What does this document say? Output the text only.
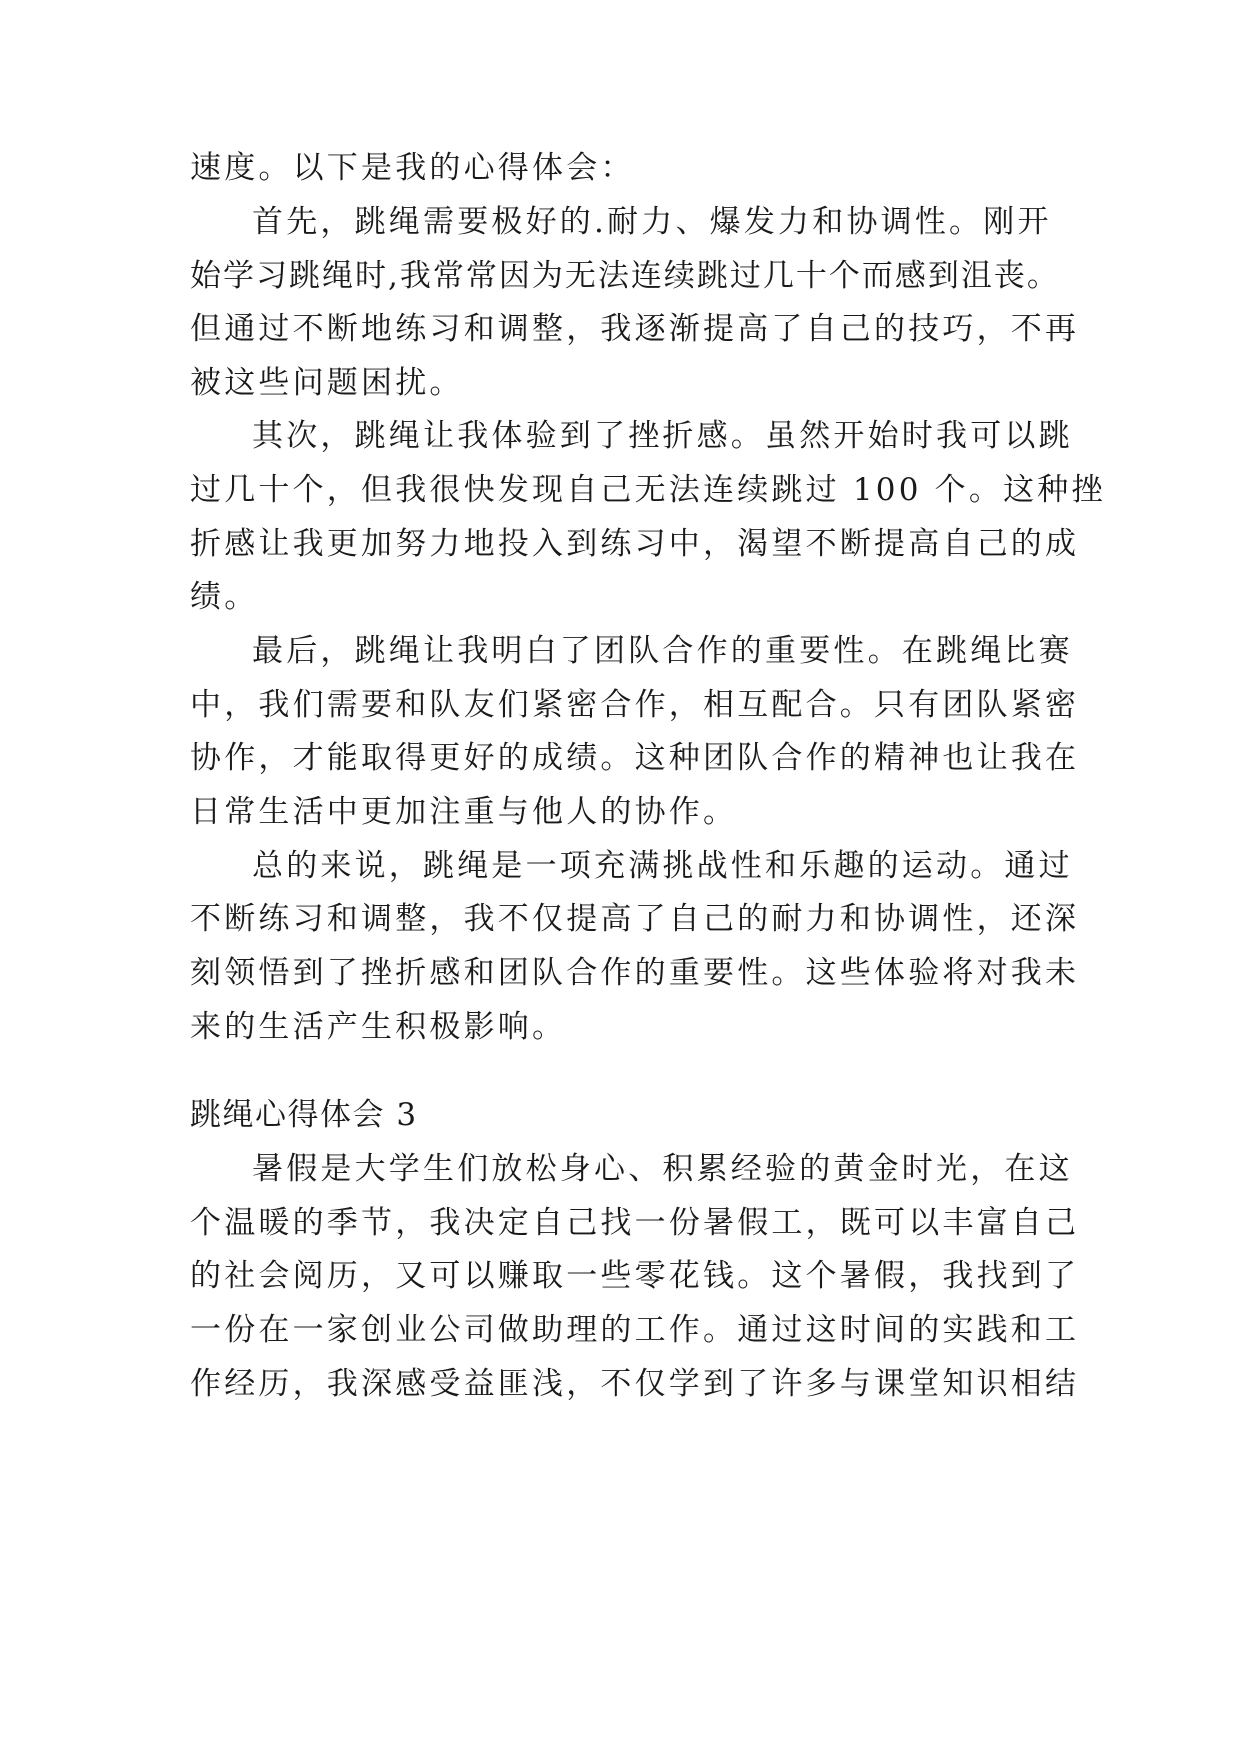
速度。以下是我的心得体会：
首先，跳绳需要极好的.耐力、爆发力和协调性。刚开
始学习跳绳时,我常常因为无法连续跳过几十个而感到沮丧。
但通过不断地练习和调整，我逐渐提高了自己的技巧，不再
被这些问题困扰。
其次，跳绳让我体验到了挫折感。虽然开始时我可以跳
过几十个，但我很快发现自己无法连续跳过 100 个。这种挫
折感让我更加努力地投入到练习中，渴望不断提高自己的成
绩。
最后，跳绳让我明白了团队合作的重要性。在跳绳比赛
中，我们需要和队友们紧密合作，相互配合。只有团队紧密
协作，才能取得更好的成绩。这种团队合作的精神也让我在
日常生活中更加注重与他人的协作。
总的来说，跳绳是一项充满挑战性和乐趣的运动。通过
不断练习和调整，我不仅提高了自己的耐力和协调性，还深
刻领悟到了挫折感和团队合作的重要性。这些体验将对我未
来的生活产生积极影响。
跳绳心得体会 3
暑假是大学生们放松身心、积累经验的黄金时光，在这
个温暖的季节，我决定自己找一份暑假工，既可以丰富自己
的社会阅历，又可以赚取一些零花钱。这个暑假，我找到了
一份在一家创业公司做助理的工作。通过这时间的实践和工
作经历，我深感受益匪浅，不仅学到了许多与课堂知识相结
